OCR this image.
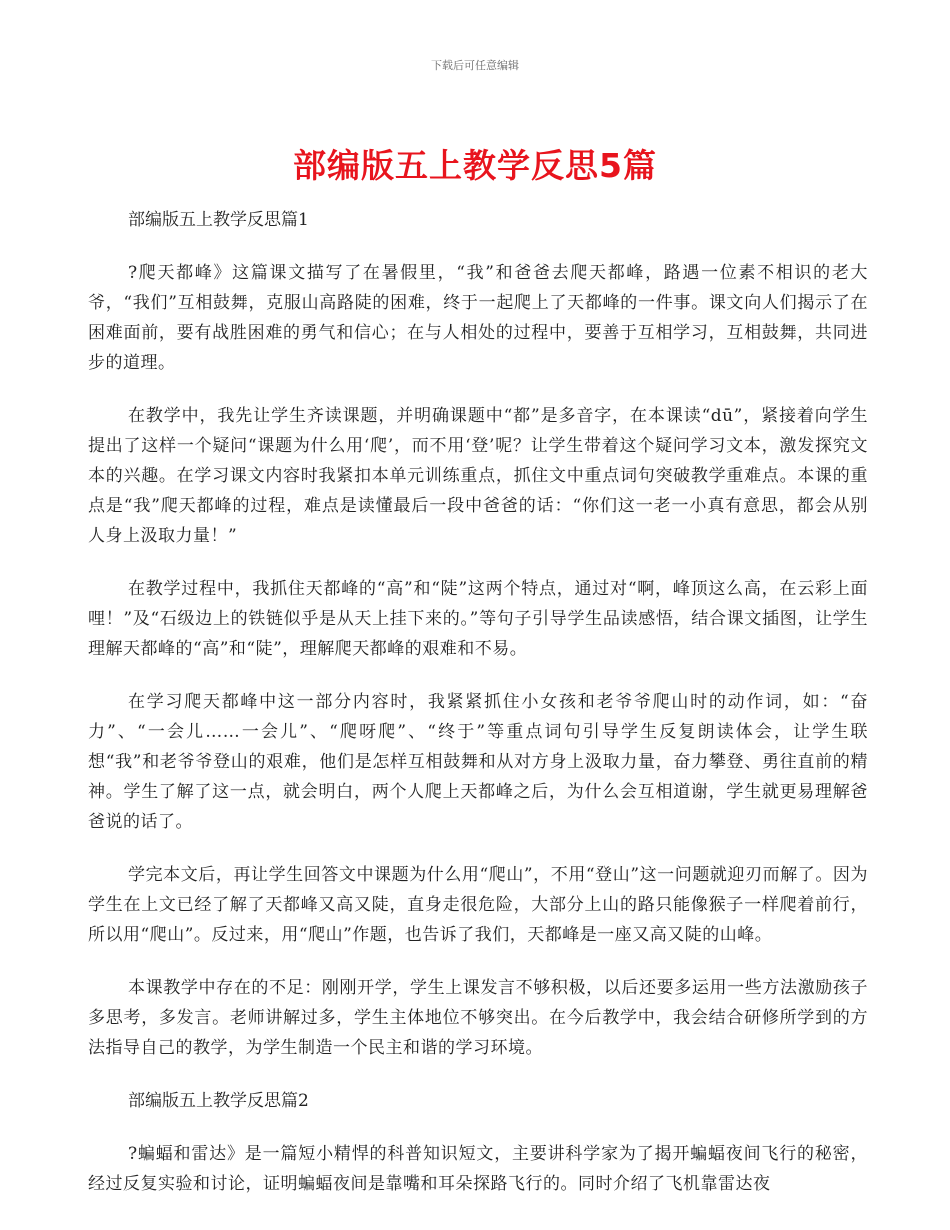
下载后可任意编辑
部编版五上教学反思5篇

部编版五上教学反思篇1

?爬天都峰》这篇课文描写了在暑假里，“我”和爸爸去爬天都峰，路遇一位素不相识的老大爷，“我们”互相鼓舞，克服山高路陡的困难，终于一起爬上了天都峰的一件事。课文向人们揭示了在困难面前，要有战胜困难的勇气和信心；在与人相处的过程中，要善于互相学习，互相鼓舞，共同进步的道理。

在教学中，我先让学生齐读课题，并明确课题中“都”是多音字，在本课读“dū”，紧接着向学生提出了这样一个疑问“课题为什么用‘爬’，而不用‘登’呢？让学生带着这个疑问学习文本，激发探究文本的兴趣。在学习课文内容时我紧扣本单元训练重点，抓住文中重点词句突破教学重难点。本课的重点是“我”爬天都峰的过程，难点是读懂最后一段中爸爸的话：“你们这一老一小真有意思，都会从别人身上汲取力量！”

在教学过程中，我抓住天都峰的“高”和“陡”这两个特点，通过对“啊，峰顶这么高，在云彩上面哩！”及“石级边上的铁链似乎是从天上挂下来的。”等句子引导学生品读感悟，结合课文插图，让学生理解天都峰的“高”和“陡”，理解爬天都峰的艰难和不易。

在学习爬天都峰中这一部分内容时，我紧紧抓住小女孩和老爷爷爬山时的动作词，如：“奋力”、“一会儿……一会儿”、“爬呀爬”、“终于”等重点词句引导学生反复朗读体会，让学生联想“我”和老爷爷登山的艰难，他们是怎样互相鼓舞和从对方身上汲取力量，奋力攀登、勇往直前的精神。学生了解了这一点，就会明白，两个人爬上天都峰之后，为什么会互相道谢，学生就更易理解爸爸说的话了。

学完本文后，再让学生回答文中课题为什么用“爬山”，不用“登山”这一问题就迎刃而解了。因为学生在上文已经了解了天都峰又高又陡，直身走很危险，大部分上山的路只能像猴子一样爬着前行，所以用“爬山”。反过来，用“爬山”作题，也告诉了我们，天都峰是一座又高又陡的山峰。

本课教学中存在的不足：刚刚开学，学生上课发言不够积极，以后还要多运用一些方法激励孩子多思考，多发言。老师讲解过多，学生主体地位不够突出。在今后教学中，我会结合研修所学到的方法指导自己的教学，为学生制造一个民主和谐的学习环境。

部编版五上教学反思篇2

?蝙蝠和雷达》是一篇短小精悍的科普知识短文，主要讲科学家为了揭开蝙蝠夜间飞行的秘密，经过反复实验和讨论，证明蝙蝠夜间是靠嘴和耳朵探路飞行的。同时介绍了飞机靠雷达夜
